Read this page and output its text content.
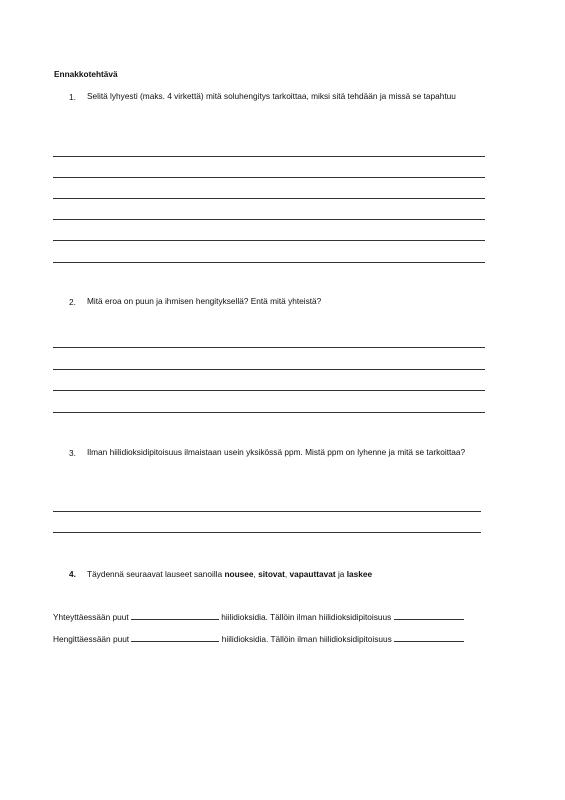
Ennakkotehtävä
1. Selitä lyhyesti (maks. 4 virkettä) mitä soluhengitys tarkoittaa, miksi sitä tehdään ja missä se tapahtuu
2. Mitä eroa on puun ja ihmisen hengityksellä? Entä mitä yhteistä?
3. Ilman hiilidioksidipitoisuus ilmaistaan usein yksikössä ppm. Mistä ppm on lyhenne ja mitä se tarkoittaa?
4. Täydennä seuraavat lauseet sanoilla nousee, sitovat, vapauttavat ja laskee
Yhteyttäessään puut	hiilidioksidia. Tällöin ilman hiilidioksidipitoisuus
Hengittäessään puut	hiilidioksidia. Tällöin ilman hiilidioksidipitoisuus
